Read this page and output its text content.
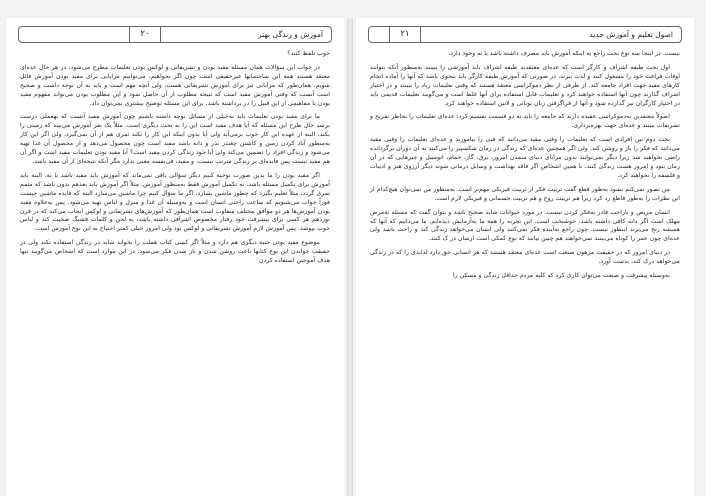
آموزش و زندگی بهتر
۲۰

خوب تلفظ کنند؟

در جواب این سؤالات همان مسئله مفید بودن و تشریفاتی و لوکس بودن تعلیمات مطرح می‌شود. در هر حال عده‌ای معتقد هستند همه این ساختمانها غیرحقیقی است چون اگر بخواهیم، می‌توانیم مزایایی برای مفید بودن آموزش قائل شویم، همان‌طور که مزایایی نیز برای آموزش تشریفاتی هست، ولی آنچه مهم است و باید به آن توجه داشت و صحیح است آنست که وقتی آموزش مفید است که نتیجه مطلوب از آن حاصل شود و این مطلوب بودن می‌تواند مفهوم مفید بودن یا مفاهیمی از این قبیل را در برداشته باشد. برای این مسئله توضیح بیشتری نمی‌توان داد.

ما برای مفید بودن تعلیمات باید به‌خیلی از مسائل توجه داشته باشیم چون آموزش مفید آنست که بهعملی درست برسد حال طرح این مسئله که آیا هدف مفید است این را نه بحث دیگری است. مثلاً یک نفر آموزش می‌بیند که زمینی را بکند، البته از عهده این کار خوب برمی‌آید ولی آیا بدون اینکه این کار را نکند ثمری هم از آن نمی‌گیرد. ولی اگر این کار به‌منظور آباد کردن زمین و کاشتن چغندر بذر و دانه باشد مفید است چون محصول می‌دهد و از محصول آن غذا تهیه می‌شود و زندگی افراد را تضمین می‌کند ولی آیا خود زندگی کردن مفید است؟ آیا مفید بودن تعلیمات مفید است و اگر آن هم مفید نیست پس فایده‌ای بر زندگی مترتب نیست، و مفید، فی‌نفسه معنی ندارد مگر آنکه نتیجه‌ای از آن مفید باشد.

اگر مفید بودن را ما بدین صورت توجیه کنیم دیگر سؤالی باقی نمی‌ماند که آموزش باید مفید باشد یا نه. البته باید آموزش برای تکمیل مسئله باشد. نه تکمیل آموزش فقط به‌منظور آموزش. مثلاً اگر آموزش باید بعدهم بدون باشد که متمم ثمری گردد، مثلاً تعلیم بگیرد که چطور ماشین بسازد. اگر ما سؤال کنیم چرا ماشین می‌سازد البته که فایده ماشین چیست فوراً جواب می‌شنویم که ساعت راحتی انسان است و به‌وسیله آن غذا و منزل و لباس تهیه می‌شود. پس به‌علاوه مفید بودن آموزش‌ها هر دو موافق مختلف متفاوت است همان‌طور که آموزش‌های تشریفاتی و لوکس ایجاب می‌کند که در قرن نوزدهم هر کسی برای پیشرفت خود رفتار مخصوص اشرافی داشته باشد، به لحن و کلمات فشنگ صحبت کند و لباس خوب بپوشد. پس آموزش لازم آموزش تشریفاتی و لوکس بود ولی امروز خیلی کمتر احتیاج به این نوع آموزش است.

موضوع مفید بودن جنبه دیگری هم دارد و مثلاً اگر کسی کتاب هملت را بخواند شاید در زندگی استفاده نکند ولی در حقیقت خواندن این نوع کتابها باعث روشن شدن و باز شدن فکر می‌شود. در این موارد است که اشخاص می‌گویند تنها هدف آموختن استفاده کردن

اصول تعلیم و آموزش جدید
۲۱

نیست. در اینجا سه نوع بحث راجع به اینکه آموزش باید مصرف داشته باشد یا نه وجود دارد.

اول بحث طبقه اشراف و کارگر است که عده‌ای معتقدند طبقه اشراف باید آموزشی را ببینند به‌منظور آنکه بتوانند اوقات فراغت خود را مشغول کنند و لذت ببرند، در صورتی که آموزش طبقه کارگر باید بنحوی باشد که آنها را آماده انجام کارهای مفید جهت افراد جامعه کند. از طرفی از نظر دموکراسی معتقد هستند که وقتی تعلیمات زیاد را ببینند و در اختیار اشراف گذارند چون آنها استفاده خواهند کرد و تعلیمات قابل استفاده برای آنها غلط است و می‌گویند تعلیمات قدیمی باید در اختیار کارگران نیز گذارده شود و آنها از فراگرفتن زبان یونانی و لاتین استفاده خواهند کرد.

اصولاً معتقدین به‌دموکراسی عقیده دارند که جامعه را باید به دو قسمت تقسیم کرد: عده‌ای تعلیمات را بخاطر تفریح و تشریفات ببینند و عده‌ای جهت بهره‌برداری.

بحث دوم بین افرادی است که تعلیمات را وقتی مفید می‌دانند که فنی را بیاموزند و عده‌ای تعلیمات را وقتی مفید می‌دانند که فکر را باز و روشن کند. ولی اگر همچنین عده‌ای که زندگی در زمان شکسپیر را می‌کنند به آن دوران برگردانده راضی نخواهند شد زیرا دیگر نمی‌توانند بدون مزایای دنیای متمدن امروز، برق، گاز، حمام، اتومبیل و چیزهایی که در آن زمان نبود و امروز هست زندگی کنند. با همین اشخاص اگر فاقد بهداشت و وسایل درمانی شوند دیگر آرزوی هنر و ادبیات و فلسفه را نخواهند کرد.

من تصور نمی‌کنم بشود به‌طور قطع گفت تربیت فکر از تربیت فیزیکی مهم‌تر است. به‌منظور من نمی‌توان هیچ‌کدام از این نظرات را به‌طور قاطع رد کرد زیرا هم تربیت روح و هم تربیت جسمانی و فیزیکی لازم است.

انسان مریض و ناراحت قادر به‌فکر کردن نیست. در مورد حیوانات شاید صحیح باشد و بتوان گفت که مسئله به‌مرض مهلک است اگر دانه کافی داشته باشد، خوشبخت است. این تجربه را همه ما به‌آزمایش دیده‌ایم. ما می‌دانیم که آنها که همیشه رنج می‌برند اینطور نیست. چون راجع به‌آینده فکر نمی‌کنند ولی انسان می‌خواهد زندگی کند و راحت باشد ولی عده‌ای چون عمر را کوتاه می‌بینند نمی‌خواهند هم چنین بیابند که نوع کمکی است ازشان در ک کنند.

در دنیای امروز که در حقیقت مرهون صنعت است عده‌ای معتقد هستند که هر انسانی حق دارد لذایذی را که در زندگی می‌خواهد درک کند، بدست آورد.

به‌وسیله پیشرفت و صنعت می‌توان کاری کرد که کلیه مردم حداقل زندگی و مسکن را
